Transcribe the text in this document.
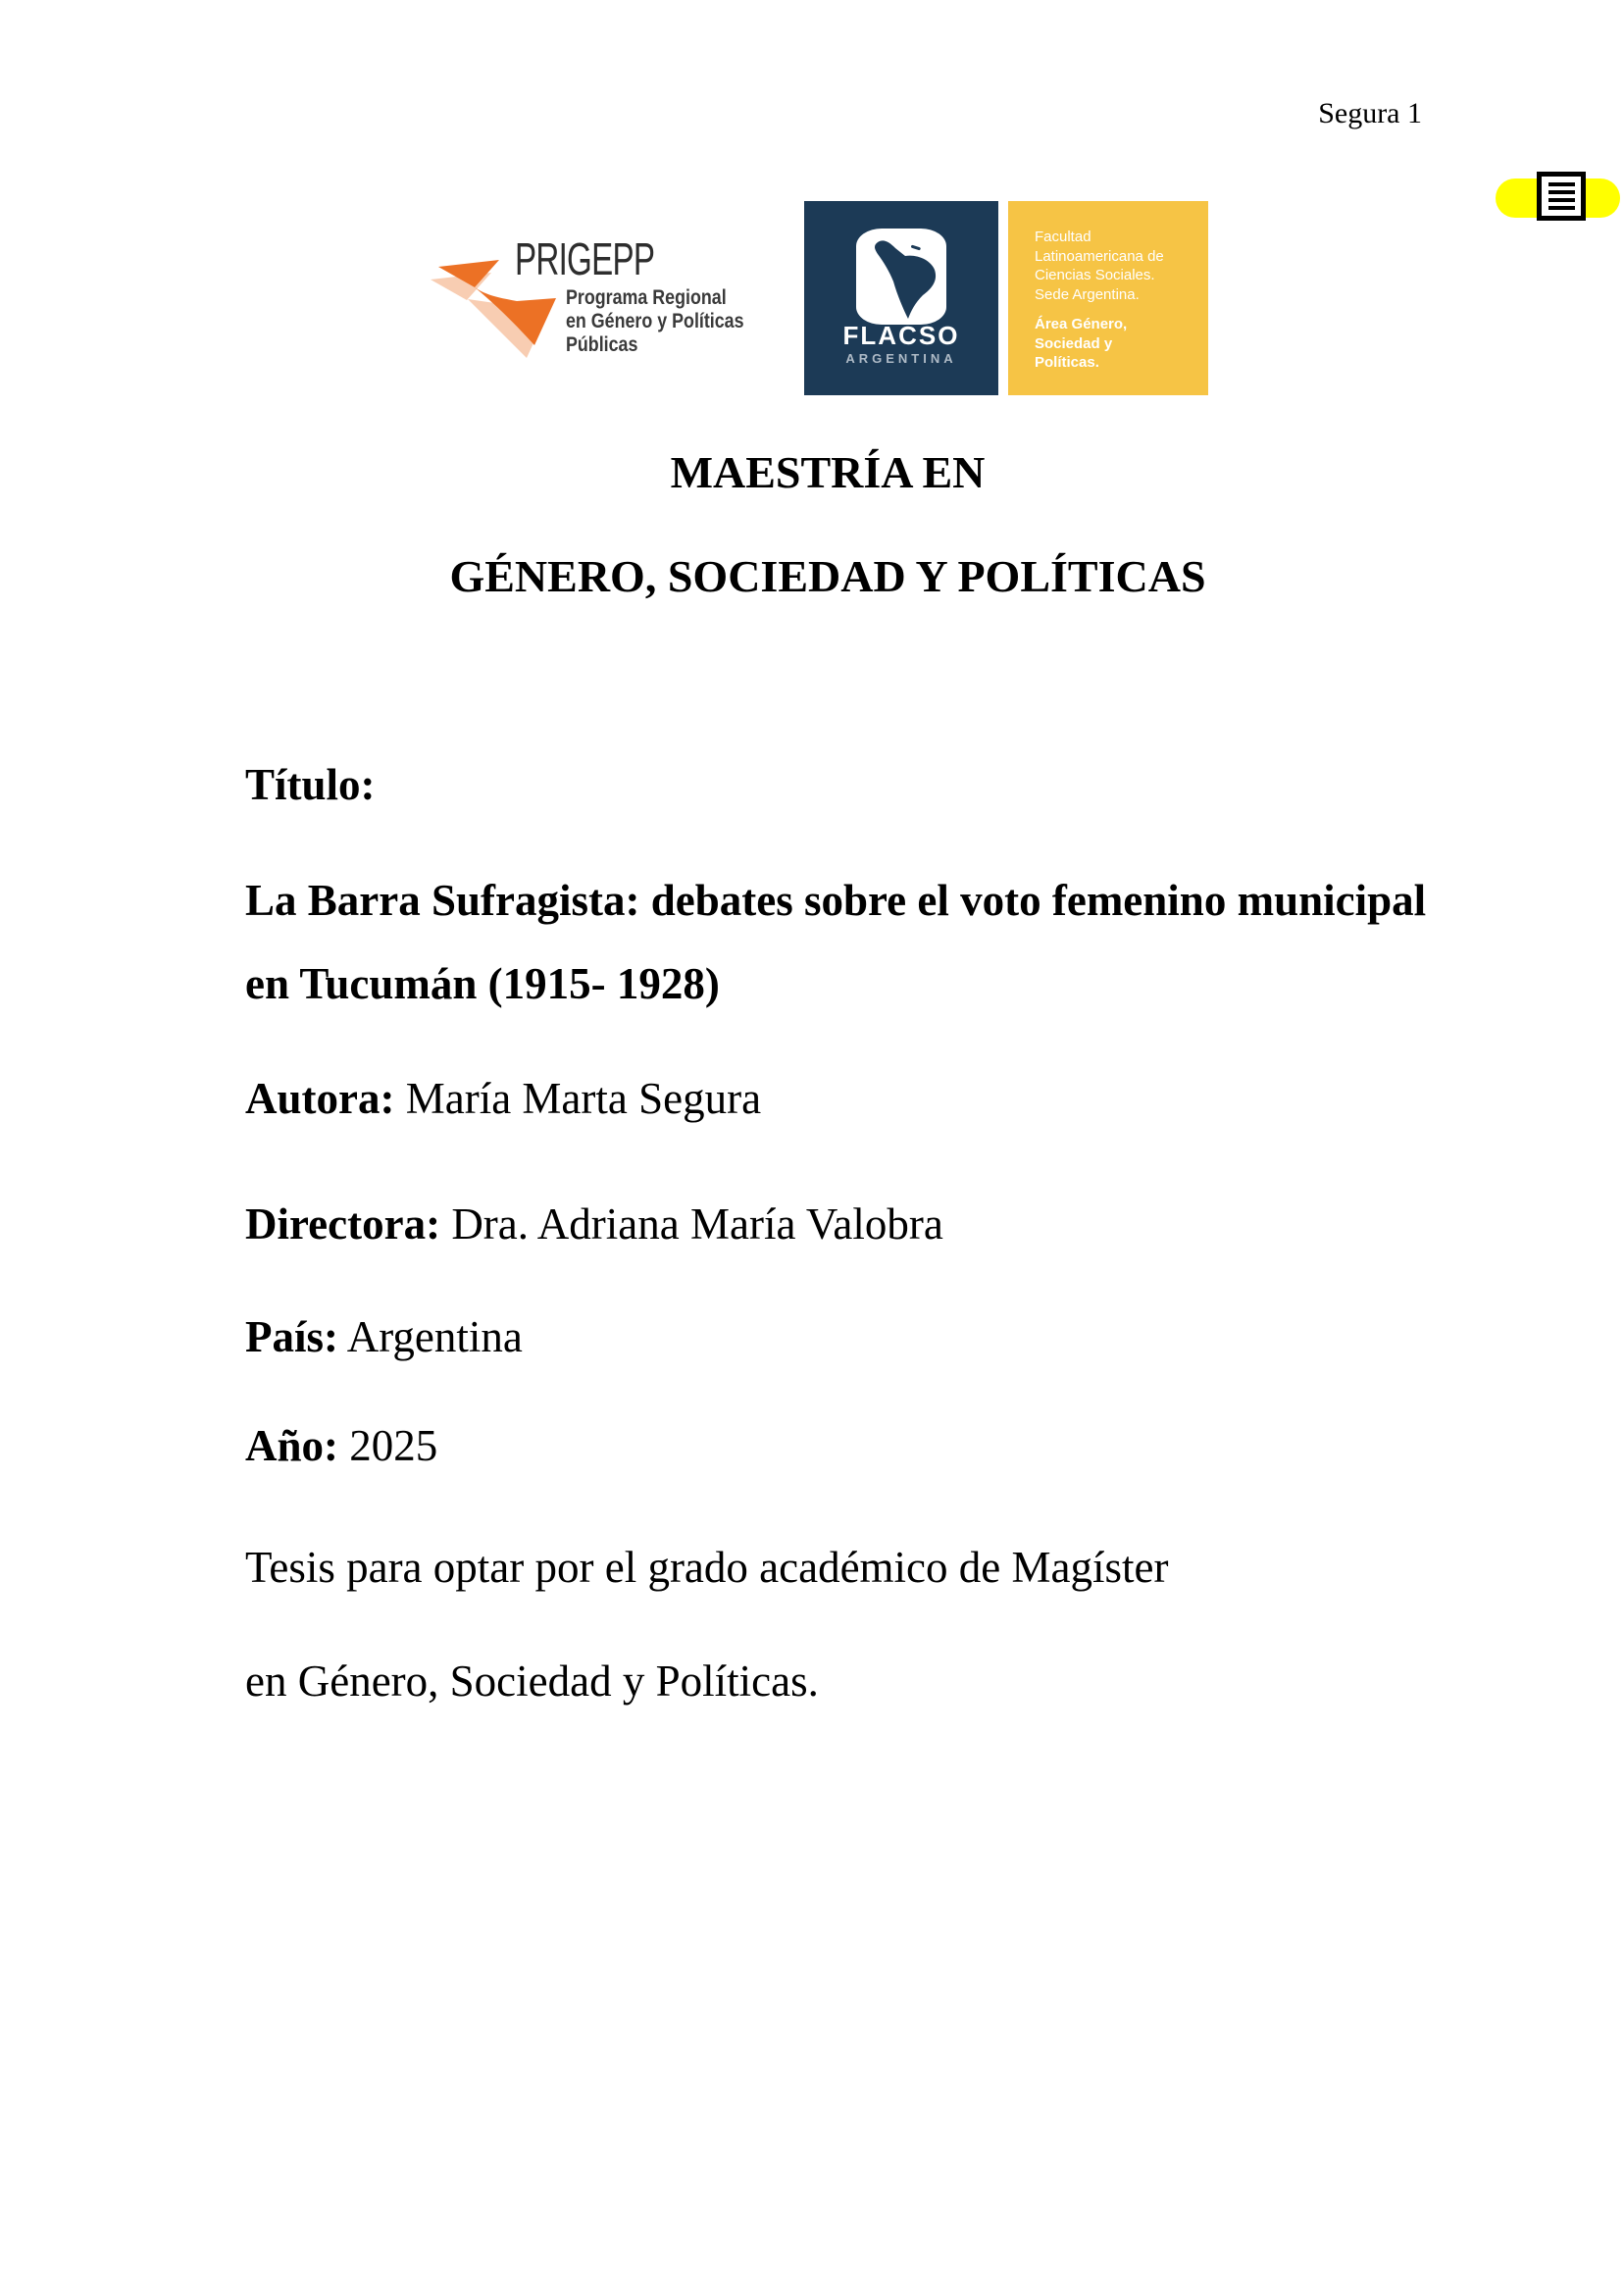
Segura 1
PRIGEPP
Programa Regional
en Género y Políticas
Públicas	FLACSO
ARGENTINA
Facultad
Latinoamericana de
Ciencias Sociales.
Sede Argentina.
Área Género,
Sociedad y
Políticas.
MAESTRÍA EN
GÉNERO, SOCIEDAD Y POLÍTICAS
Título:
La Barra Sufragista: debates sobre el voto femenino municipal
en Tucumán (1915- 1928)
Autora: María Marta Segura
Directora: Dra. Adriana María Valobra
País: Argentina
Año: 2025
Tesis para optar por el grado académico de Magíster
en Género, Sociedad y Políticas.
